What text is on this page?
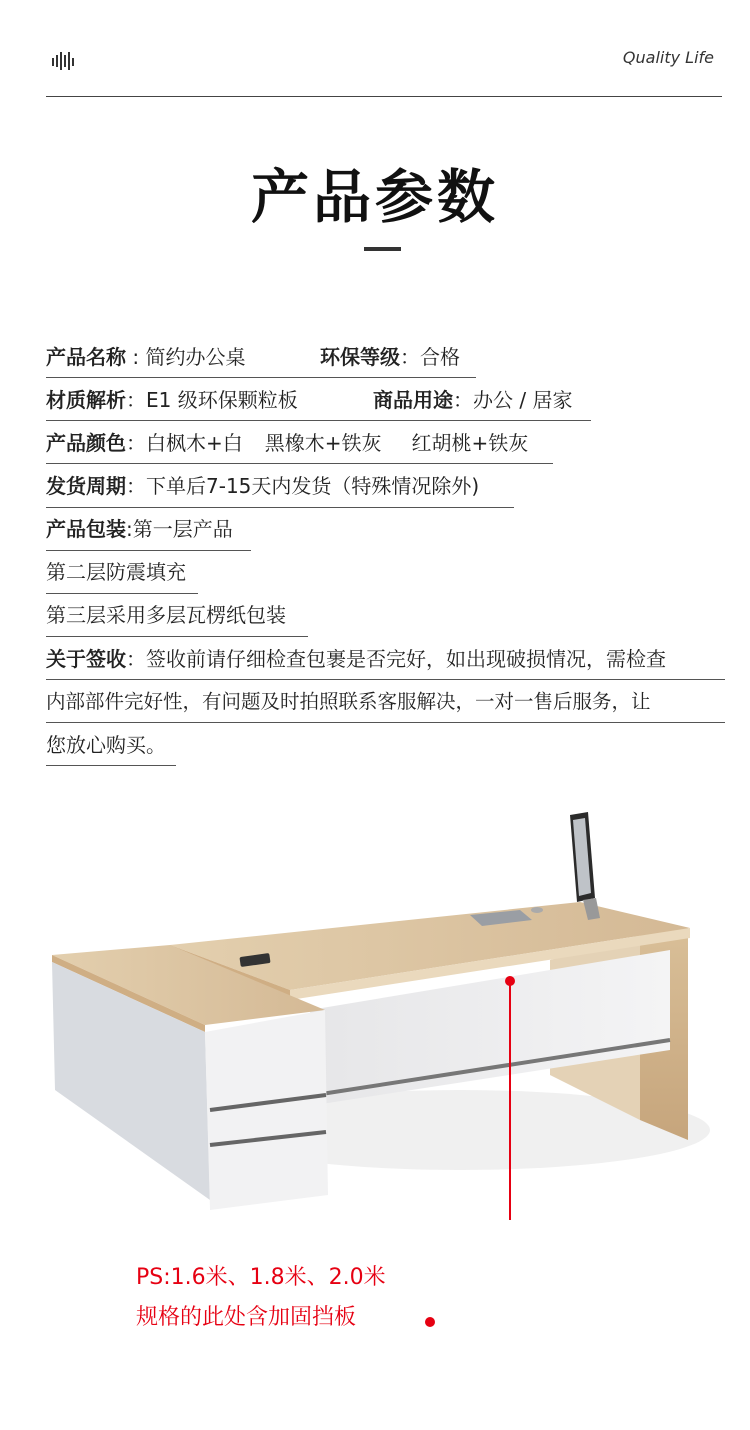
Quality Life
产品参数
产品名称 : 简约办公桌	环保等级：合格
材质解析：E1 级环保颗粒板	商品用途：办公 / 居家
产品颜色：白枫木+白 黑橡木+铁灰 红胡桃+铁灰
发货周期：下单后7-15天内发货（特殊情况除外)
产品包装:第一层产品
第二层防震填充
第三层采用多层瓦楞纸包装
关于签收：签收前请仔细检查包裹是否完好，如出现破损情况，需检查
内部部件完好性，有问题及时拍照联系客服解决，一对一售后服务，让
您放心购买。
PS:1.6米、1.8米、2.0米
规格的此处含加固挡板
